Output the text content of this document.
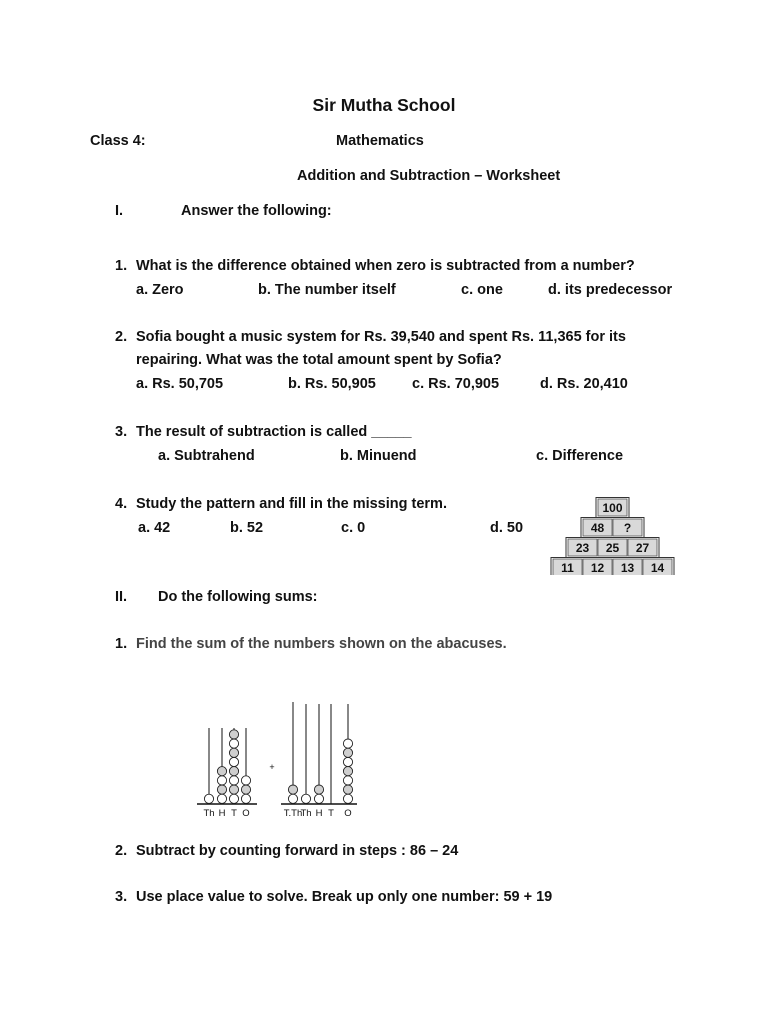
Sir Mutha School
Class 4:	Mathematics
Addition and Subtraction – Worksheet
I.	Answer the following:
1. What is the difference obtained when zero is subtracted from a number?
a. Zero	b. The number itself	c. one	d. its predecessor
2. Sofia bought a music system for Rs. 39,540 and spent Rs. 11,365 for its
repairing. What was the total amount spent by Sofia?
a. Rs. 50,705	b. Rs. 50,905 c. Rs. 70,905	d. Rs. 20,410
3. The result of subtraction is called _____
a. Subtrahend	b. Minuend	c. Difference
4. Study the pattern and fill in the missing term.
a. 42	b. 52	c. 0	d. 50
100
48 ?
23 25 27
11 12 13 14
II. Do the following sums:
1. Find the sum of the numbers shown on the abacuses.
Th H T O	T.Th
Th H T O
+
2. Subtract by counting forward in steps : 86 – 24
3. Use place value to solve. Break up only one number: 59 + 19
